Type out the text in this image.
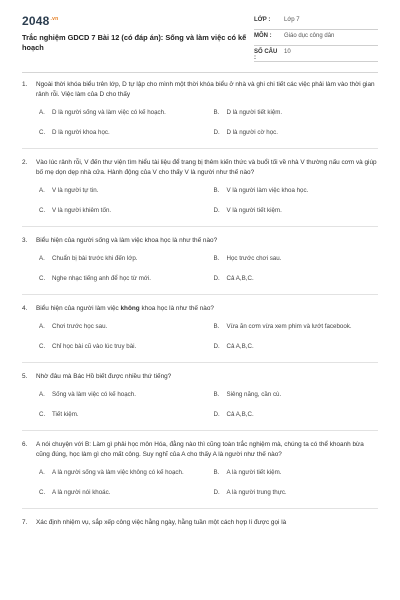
$2048^{.vn}$
Trắc nghiệm GDCD 7 Bài 12 (có đáp án): Sống và làm việc có kế hoạch
LỚP :	Lớp 7
MÔN :	Giáo dục công dân
SỐ CÂU :
10
1.	Ngoài thời khóa biểu trên lớp, D tự lập cho mình một thời khóa biểu ở nhà và ghi chi tiết các việc phải làm vào thời gian rảnh rỗi. Việc làm của D cho thấy
A.	D là người sống và làm việc có kế hoạch.	B.	D là người tiết kiệm.
C.	D là người khoa học.	D.	D là người cờ học.
2.	Vào lúc rảnh rỗi, V đến thư viện tìm hiểu tài liệu để trang bị thêm kiến thức và buổi tối về nhà V thường nấu cơm và giúp bố mẹ dọn dẹp nhà cửa. Hành động của V cho thấy V là người như thế nào?
A.	V là người tự tin.	B.	V là người làm việc khoa học.
C.	V là người khiêm tốn.	D.	V là người tiết kiệm.
3.	Biểu hiện của người sống và làm việc khoa học là như thế nào?
A.	Chuẩn bị bài trước khi đến lớp.	B.	Học trước chơi sau.
C.	Nghe nhạc tiếng anh để học từ mới.	D.	Cả A,B,C.
4.	Biểu hiện của người làm việc không khoa học là như thế nào?
A.	Chơi trước học sau.	B.	Vừa ăn cơm vừa xem phim và lướt facebook.
C.	Chỉ học bài cũ vào lúc truy bài.	D.	Cả A,B,C.
5.	Nhờ đâu mà Bác Hồ biết được nhiều thứ tiếng?
A.	Sống và làm việc có kế hoạch.	B.	Siêng năng, cần cù.
C.	Tiết kiệm.	D.	Cả A,B,C.
6.	A nói chuyện với B: Làm gì phải học môn Hóa, đằng nào thì cũng toàn trắc nghiệm mà, chúng ta có thể khoanh bừa cũng đúng, học làm gì cho mất công. Suy nghĩ của A cho thấy A là người như thế nào?
A.	A là người sống và làm việc không có kế hoạch.	B.	A là người tiết kiệm.
C.	A là người nói khoác.	D.	A là người trung thực.
7.	Xác định nhiệm vụ, sắp xếp công việc hằng ngày, hằng tuần một cách hợp lí được gọi là
